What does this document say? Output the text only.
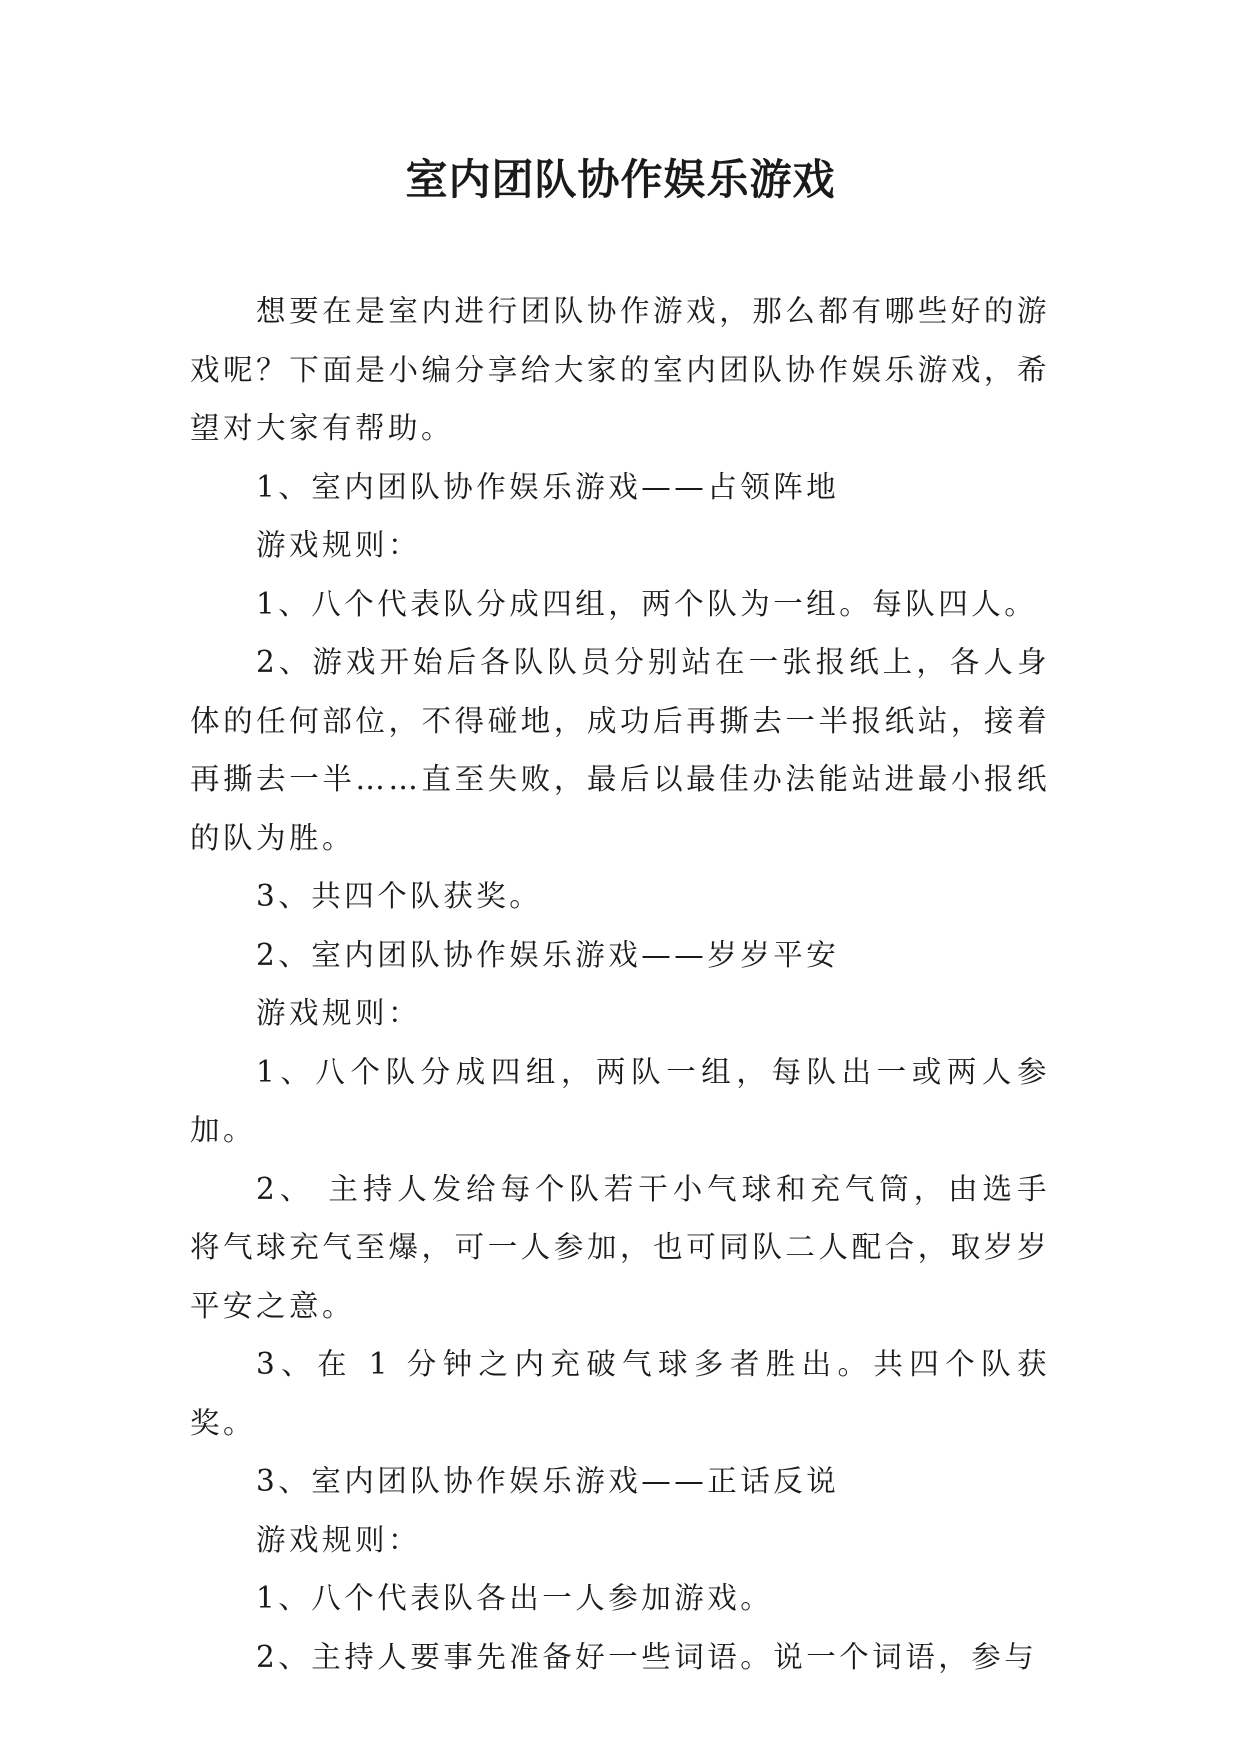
室内团队协作娱乐游戏

想要在是室内进行团队协作游戏，那么都有哪些好的游戏呢？下面是小编分享给大家的室内团队协作娱乐游戏，希望对大家有帮助。

1、室内团队协作娱乐游戏——占领阵地

游戏规则：

1、八个代表队分成四组，两个队为一组。每队四人。

2、游戏开始后各队队员分别站在一张报纸上，各人身体的任何部位，不得碰地，成功后再撕去一半报纸站，接着再撕去一半……直至失败，最后以最佳办法能站进最小报纸的队为胜。

3、共四个队获奖。

2、室内团队协作娱乐游戏——岁岁平安

游戏规则：

1、八个队分成四组，两队一组，每队出一或两人参加。

2、 主持人发给每个队若干小气球和充气筒，由选手将气球充气至爆，可一人参加，也可同队二人配合，取岁岁平安之意。

3、在 1 分钟之内充破气球多者胜出。共四个队获奖。

3、室内团队协作娱乐游戏——正话反说

游戏规则：

1、八个代表队各出一人参加游戏。

2、主持人要事先准备好一些词语。说一个词语，参与
